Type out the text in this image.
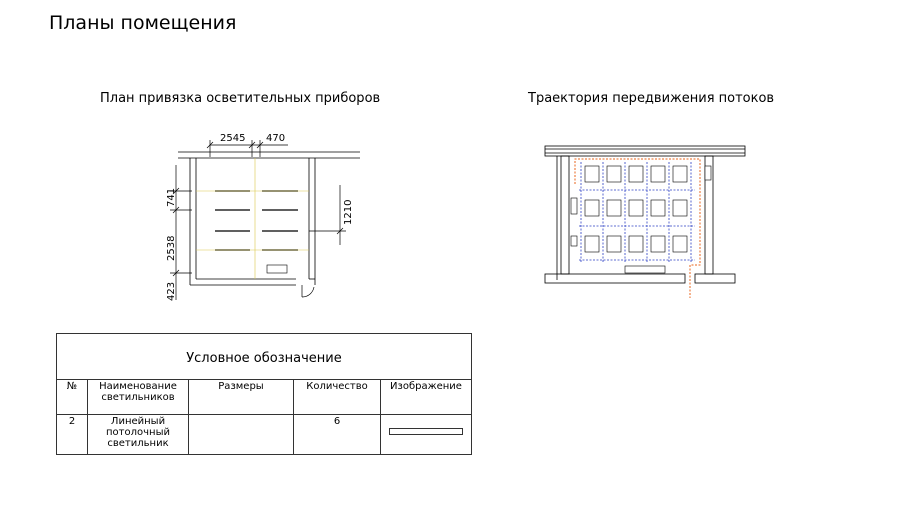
Планы помещения
План привязка осветительных приборов	Траектория передвижения потоков
2545 470
741
2538
423
1210
Условное обозначение				
№	Наименование светильников	Размеры	Количество	Изображение
2	Линейный потолочный светильник		6	
